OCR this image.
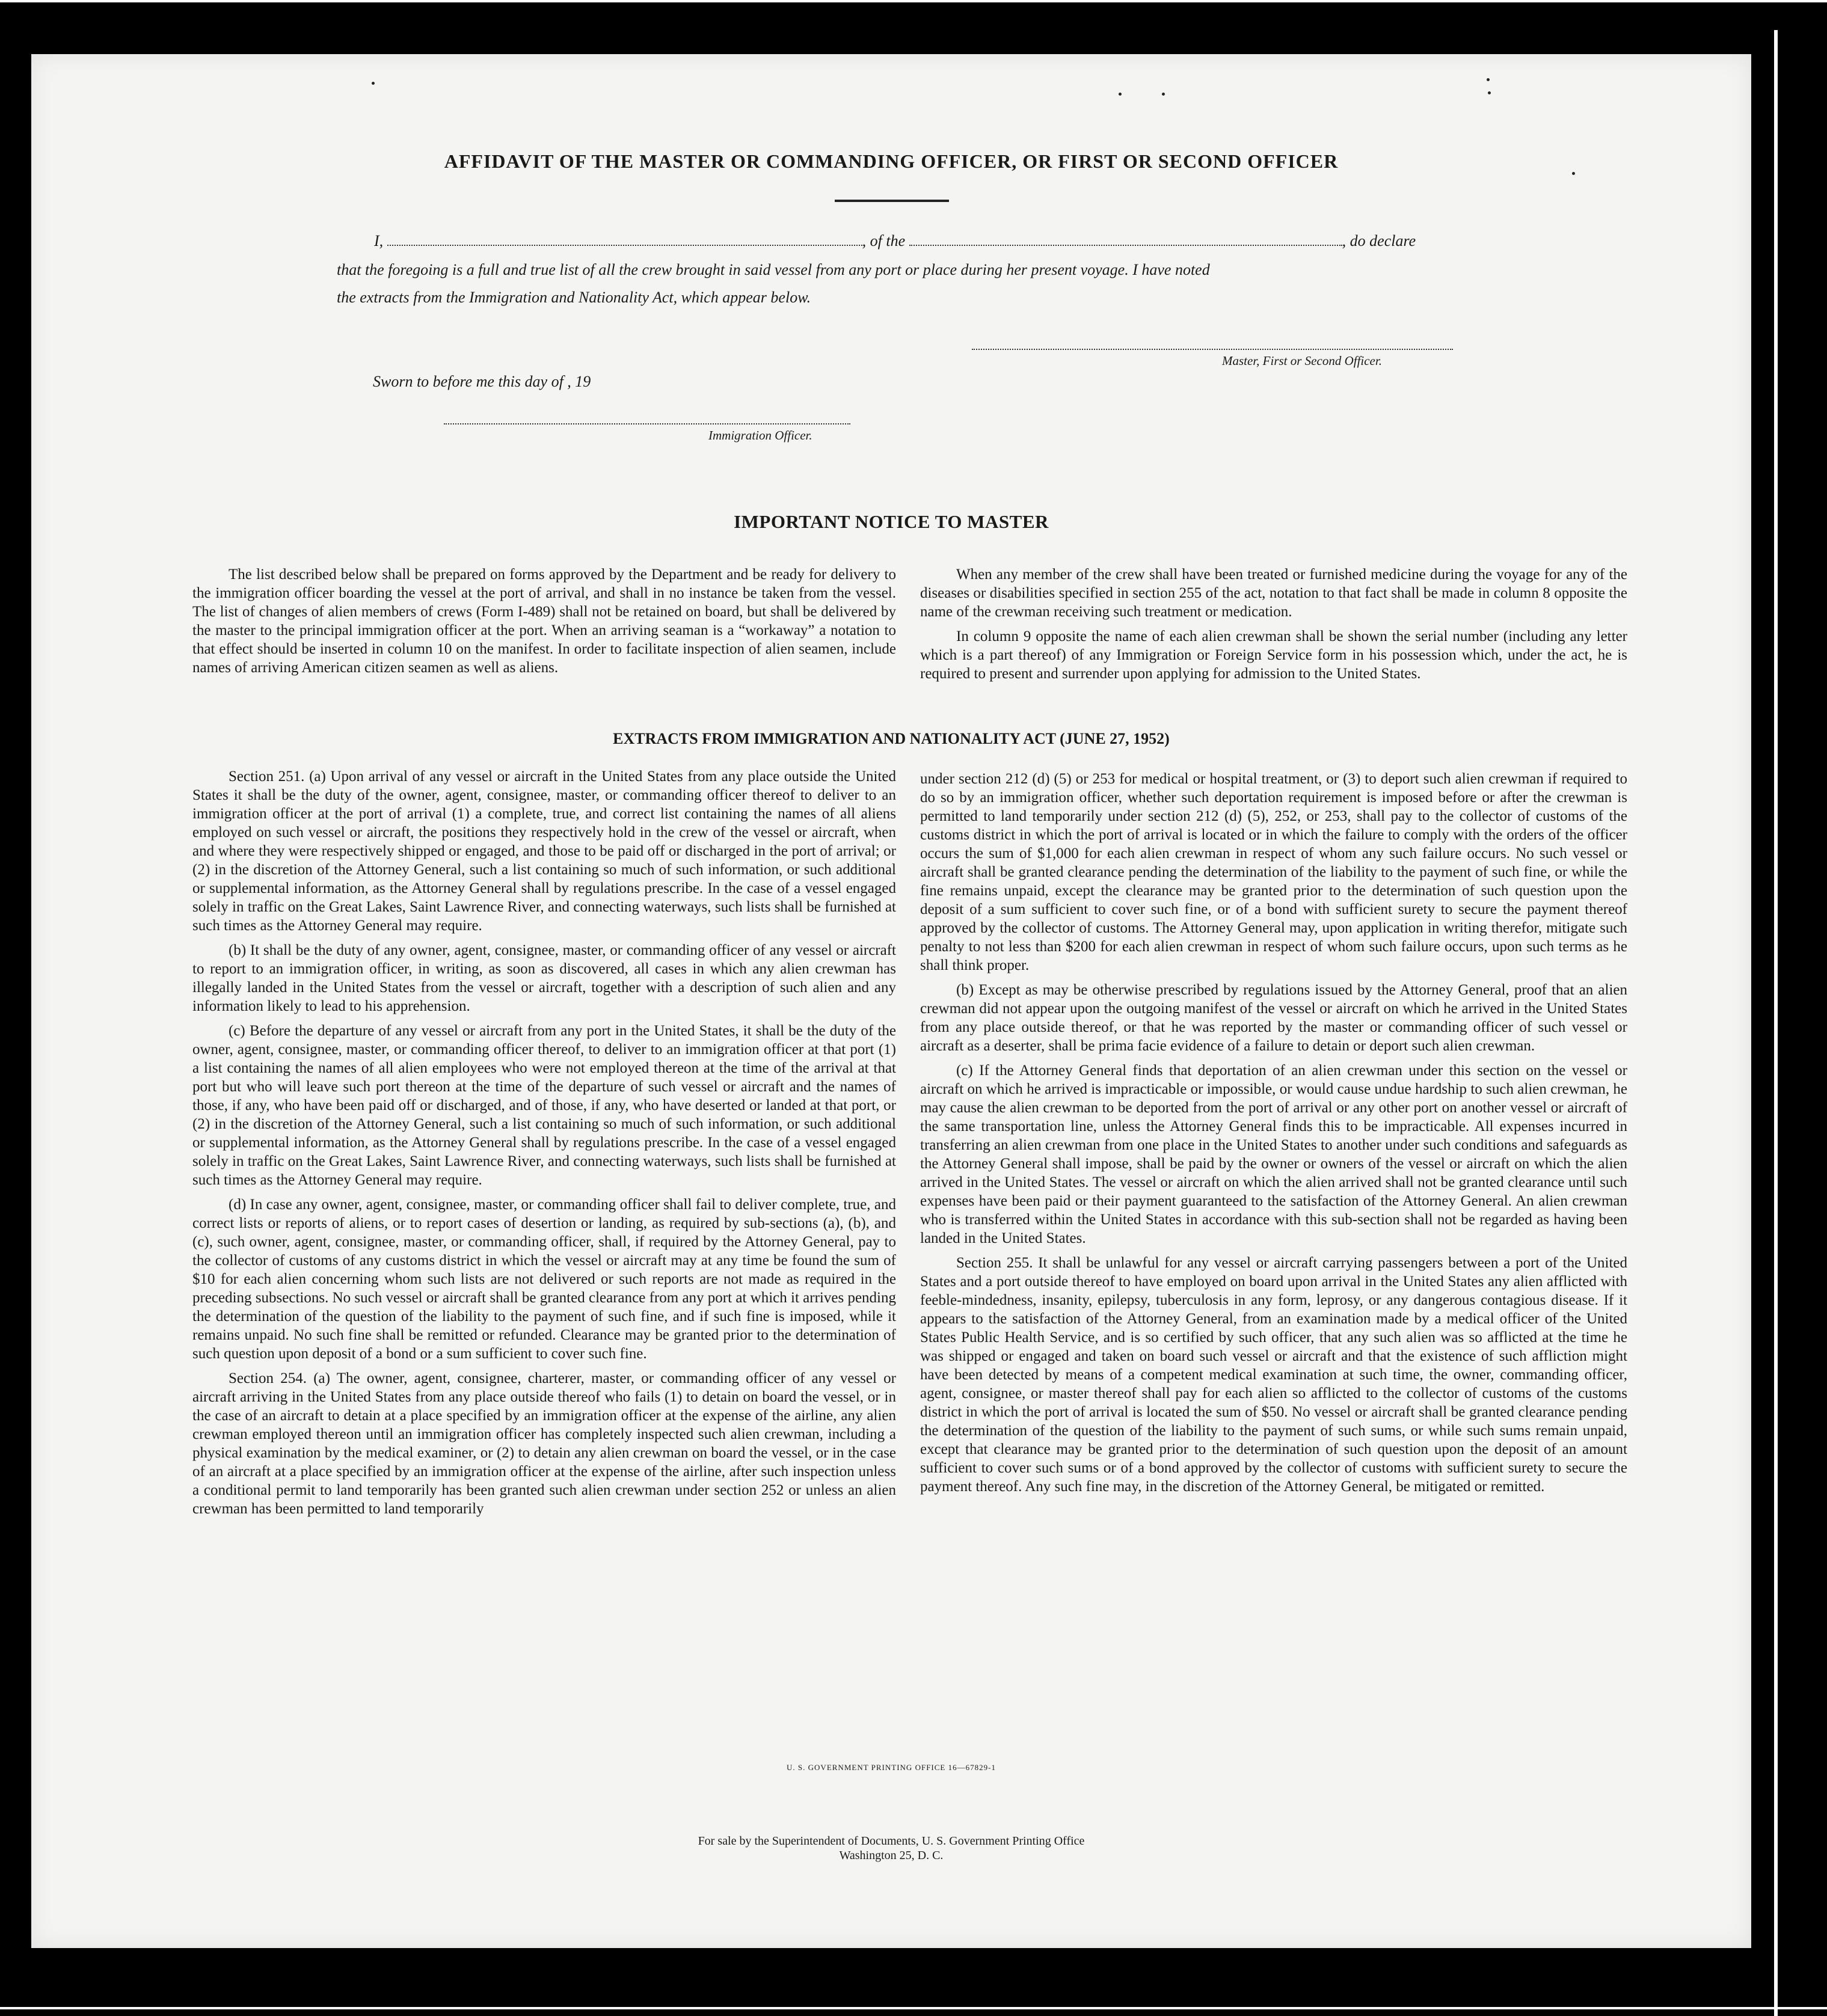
AFFIDAVIT OF THE MASTER OR COMMANDING OFFICER, OR FIRST OR SECOND OFFICER
I,	, of the	, do declare
that the foregoing is a full and true list of all the crew brought in said vessel from any port or place during her present voyage. I have noted
the extracts from the Immigration and Nationality Act, which appear below.
Master, First or Second Officer.
Sworn to before me this day of , 19
Immigration Officer.
IMPORTANT NOTICE TO MASTER

The list described below shall be prepared on forms approved by the Department and be ready for delivery to the immigration officer boarding the vessel at the port of arrival, and shall in no instance be taken from the vessel. The list of changes of alien members of crews (Form I-489) shall not be retained on board, but shall be delivered by the master to the principal immigration officer at the port. When an arriving seaman is a “workaway” a notation to that effect should be inserted in column 10 on the manifest. In order to facilitate inspection of alien seamen, include names of arriving American citizen seamen as well as aliens.

When any member of the crew shall have been treated or furnished medicine during the voyage for any of the diseases or disabilities specified in section 255 of the act, notation to that fact shall be made in column 8 opposite the name of the crewman receiving such treatment or medication.

In column 9 opposite the name of each alien crewman shall be shown the serial number (including any letter which is a part thereof) of any Immigration or Foreign Service form in his possession which, under the act, he is required to present and surrender upon applying for admission to the United States.

EXTRACTS FROM IMMIGRATION AND NATIONALITY ACT (JUNE 27, 1952)

Section 251. (a) Upon arrival of any vessel or aircraft in the United States from any place outside the United States it shall be the duty of the owner, agent, consignee, master, or commanding officer thereof to deliver to an immigration officer at the port of arrival (1) a complete, true, and correct list containing the names of all aliens employed on such vessel or aircraft, the positions they respectively hold in the crew of the vessel or aircraft, when and where they were respectively shipped or engaged, and those to be paid off or discharged in the port of arrival; or (2) in the discretion of the Attorney General, such a list containing so much of such information, or such additional or supplemental information, as the Attorney General shall by regulations prescribe. In the case of a vessel engaged solely in traffic on the Great Lakes, Saint Lawrence River, and connecting waterways, such lists shall be furnished at such times as the Attorney General may require.

(b) It shall be the duty of any owner, agent, consignee, master, or commanding officer of any vessel or aircraft to report to an immigration officer, in writing, as soon as discovered, all cases in which any alien crewman has illegally landed in the United States from the vessel or aircraft, together with a description of such alien and any information likely to lead to his apprehension.

(c) Before the departure of any vessel or aircraft from any port in the United States, it shall be the duty of the owner, agent, consignee, master, or commanding officer thereof, to deliver to an immigration officer at that port (1) a list containing the names of all alien employees who were not employed thereon at the time of the arrival at that port but who will leave such port thereon at the time of the departure of such vessel or aircraft and the names of those, if any, who have been paid off or discharged, and of those, if any, who have deserted or landed at that port, or (2) in the discretion of the Attorney General, such a list containing so much of such information, or such additional or supplemental information, as the Attorney General shall by regulations prescribe. In the case of a vessel engaged solely in traffic on the Great Lakes, Saint Lawrence River, and connecting waterways, such lists shall be furnished at such times as the Attorney General may require.

(d) In case any owner, agent, consignee, master, or commanding officer shall fail to deliver complete, true, and correct lists or reports of aliens, or to report cases of desertion or landing, as required by sub-sections (a), (b), and (c), such owner, agent, consignee, master, or commanding officer, shall, if required by the Attorney General, pay to the collector of customs of any customs district in which the vessel or aircraft may at any time be found the sum of $10 for each alien concerning whom such lists are not delivered or such reports are not made as required in the preceding subsections. No such vessel or aircraft shall be granted clearance from any port at which it arrives pending the determination of the question of the liability to the payment of such fine, and if such fine is imposed, while it remains unpaid. No such fine shall be remitted or refunded. Clearance may be granted prior to the determination of such question upon deposit of a bond or a sum sufficient to cover such fine.

Section 254. (a) The owner, agent, consignee, charterer, master, or commanding officer of any vessel or aircraft arriving in the United States from any place outside thereof who fails (1) to detain on board the vessel, or in the case of an aircraft to detain at a place specified by an immigration officer at the expense of the airline, any alien crewman employed thereon until an immigration officer has completely inspected such alien crewman, including a physical examination by the medical examiner, or (2) to detain any alien crewman on board the vessel, or in the case of an aircraft at a place specified by an immigration officer at the expense of the airline, after such inspection unless a conditional permit to land temporarily has been granted such alien crewman under section 252 or unless an alien crewman has been permitted to land temporarily

under section 212 (d) (5) or 253 for medical or hospital treatment, or (3) to deport such alien crewman if required to do so by an immigration officer, whether such deportation requirement is imposed before or after the crewman is permitted to land temporarily under section 212 (d) (5), 252, or 253, shall pay to the collector of customs of the customs district in which the port of arrival is located or in which the failure to comply with the orders of the officer occurs the sum of $1,000 for each alien crewman in respect of whom any such failure occurs. No such vessel or aircraft shall be granted clearance pending the determination of the liability to the payment of such fine, or while the fine remains unpaid, except the clearance may be granted prior to the determination of such question upon the deposit of a sum sufficient to cover such fine, or of a bond with sufficient surety to secure the payment thereof approved by the collector of customs. The Attorney General may, upon application in writing therefor, mitigate such penalty to not less than $200 for each alien crewman in respect of whom such failure occurs, upon such terms as he shall think proper.

(b) Except as may be otherwise prescribed by regulations issued by the Attorney General, proof that an alien crewman did not appear upon the outgoing manifest of the vessel or aircraft on which he arrived in the United States from any place outside thereof, or that he was reported by the master or commanding officer of such vessel or aircraft as a deserter, shall be prima facie evidence of a failure to detain or deport such alien crewman.

(c) If the Attorney General finds that deportation of an alien crewman under this section on the vessel or aircraft on which he arrived is impracticable or impossible, or would cause undue hardship to such alien crewman, he may cause the alien crewman to be deported from the port of arrival or any other port on another vessel or aircraft of the same transportation line, unless the Attorney General finds this to be impracticable. All expenses incurred in transferring an alien crewman from one place in the United States to another under such conditions and safeguards as the Attorney General shall impose, shall be paid by the owner or owners of the vessel or aircraft on which the alien arrived in the United States. The vessel or aircraft on which the alien arrived shall not be granted clearance until such expenses have been paid or their payment guaranteed to the satisfaction of the Attorney General. An alien crewman who is transferred within the United States in accordance with this sub-section shall not be regarded as having been landed in the United States.

Section 255. It shall be unlawful for any vessel or aircraft carrying passengers between a port of the United States and a port outside thereof to have employed on board upon arrival in the United States any alien afflicted with feeble-mindedness, insanity, epilepsy, tuberculosis in any form, leprosy, or any dangerous contagious disease. If it appears to the satisfaction of the Attorney General, from an examination made by a medical officer of the United States Public Health Service, and is so certified by such officer, that any such alien was so afflicted at the time he was shipped or engaged and taken on board such vessel or aircraft and that the existence of such affliction might have been detected by means of a competent medical examination at such time, the owner, commanding officer, agent, consignee, or master thereof shall pay for each alien so afflicted to the collector of customs of the customs district in which the port of arrival is located the sum of $50. No vessel or aircraft shall be granted clearance pending the determination of the question of the liability to the payment of such sums, or while such sums remain unpaid, except that clearance may be granted prior to the determination of such question upon the deposit of an amount sufficient to cover such sums or of a bond approved by the collector of customs with sufficient surety to secure the payment thereof. Any such fine may, in the discretion of the Attorney General, be mitigated or remitted.

U. S. GOVERNMENT PRINTING OFFICE 16—67829-1
For sale by the Superintendent of Documents, U. S. Government Printing Office
Washington 25, D. C.
